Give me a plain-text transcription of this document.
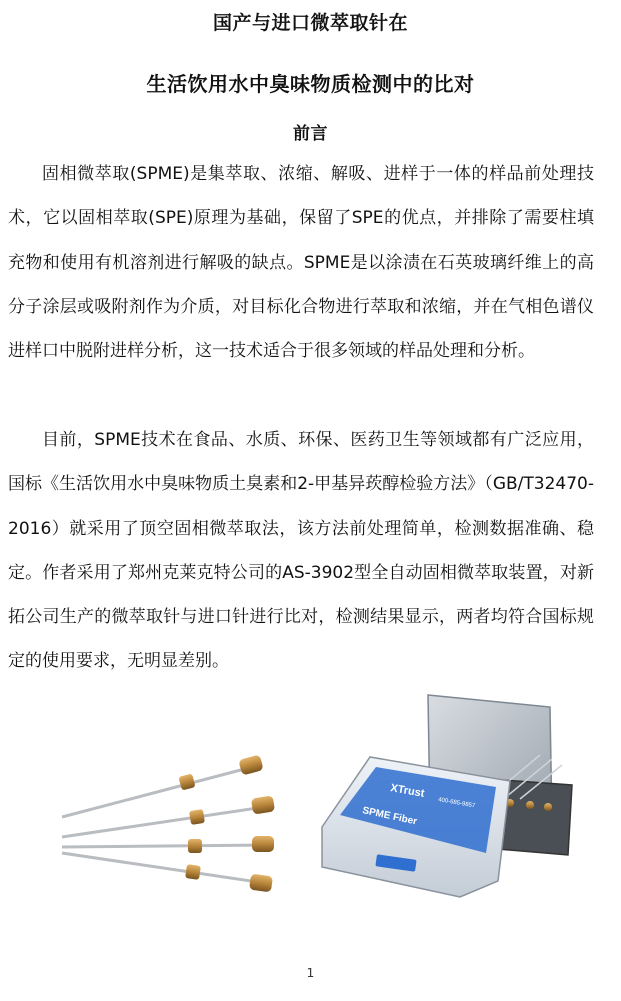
国产与进口微萃取针在
生活饮用水中臭味物质检测中的比对
前言

固相微萃取(SPME)是集萃取、浓缩、解吸、进样于一体的样品前处理技术，它以固相萃取(SPE)原理为基础，保留了SPE的优点，并排除了需要柱填充物和使用有机溶剂进行解吸的缺点。SPME是以涂渍在石英玻璃纤维上的高分子涂层或吸附剂作为介质，对目标化合物进行萃取和浓缩，并在气相色谱仪进样口中脱附进样分析，这一技术适合于很多领域的样品处理和分析。

目前，SPME技术在食品、水质、环保、医药卫生等领域都有广泛应用，国标《生活饮用水中臭味物质土臭素和2-甲基异莰醇检验方法》（GB/T32470-2016）就采用了顶空固相微萃取法，该方法前处理简单，检测数据准确、稳定。作者采用了郑州克莱克特公司的AS-3902型全自动固相微萃取装置，对新拓公司生产的微萃取针与进口针进行比对，检测结果显示，两者均符合国标规定的使用要求，无明显差别。

XTrust
400-685-9857
SPME Fiber
1
